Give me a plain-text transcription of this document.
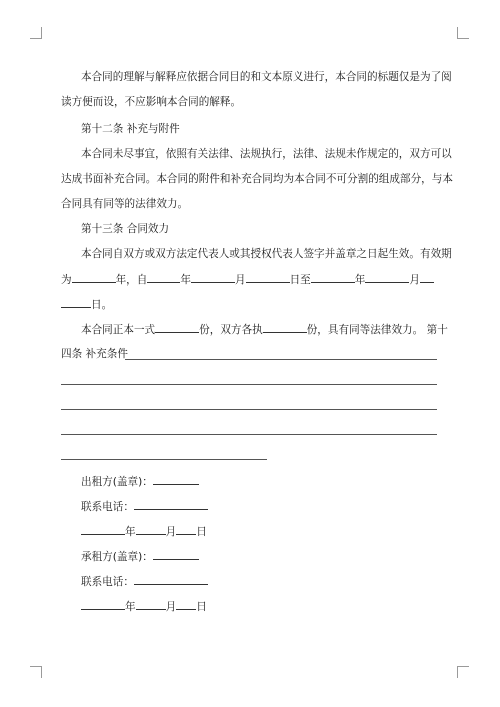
本合同的理解与解释应依据合同目的和文本原义进行，本合同的标题仅是为了阅
读方便而设，不应影响本合同的解释。
第十二条 补充与附件
本合同未尽事宜，依照有关法律、法规执行，法律、法规未作规定的，双方可以
达成书面补充合同。本合同的附件和补充合同均为本合同不可分割的组成部分，与本
合同具有同等的法律效力。
第十三条 合同效力
本合同自双方或双方法定代表人或其授权代表人签字并盖章之日起生效。有效期
为	年，自	年	月	日至	年	月
日。
本合同正本一式	份，双方各执	份，具有同等法律效力。 第十
四条 补充条件
出租方(盖章)：
联系电话：
年	月 日
承租方(盖章)：
联系电话：
年	月 日
